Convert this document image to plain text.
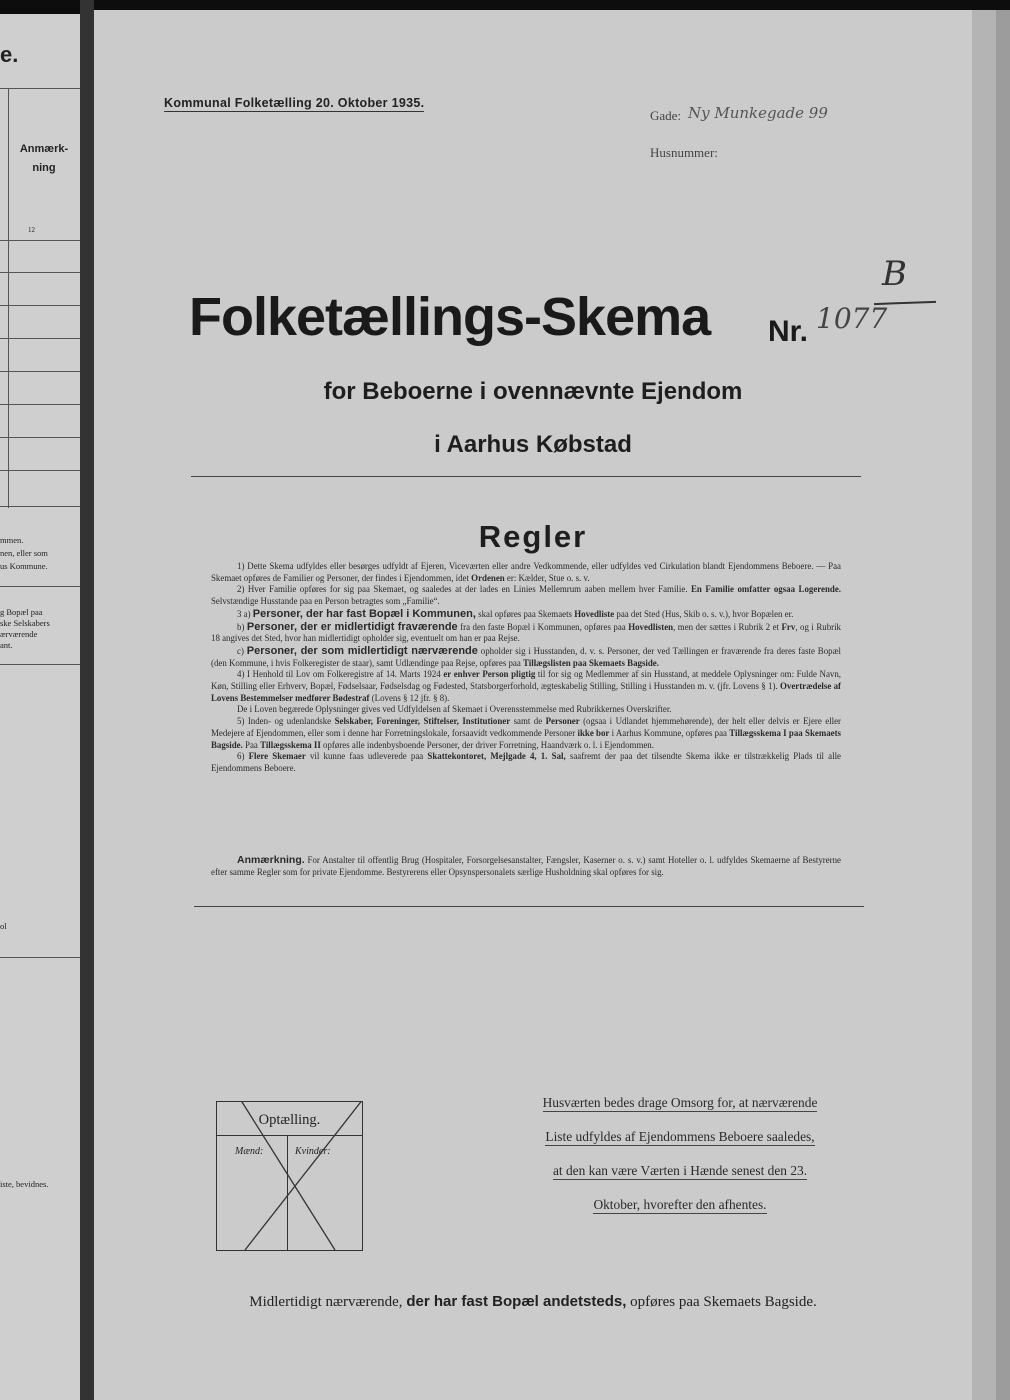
e.
Anmærk-
ning
12
mmen.
nen, eller som
us Kommune.
g Bopæl paa
ske Selskabers
ærværende
ant.
ol
iste, bevidnes.
Kommunal Folketælling 20. Oktober 1935.
Gade: Ny Munkegade 99
Husnummer:
B
Folketællings-Skema Nr. 1077
for Beboerne i ovennævnte Ejendom
i Aarhus Købstad
Regler

1) Dette Skema udfyldes eller besørges udfyldt af Ejeren, Viceværten eller andre Vedkommende, eller udfyldes ved Cirkulation blandt Ejendommens Beboere. — Paa Skemaet opføres de Familier og Personer, der findes i Ejendommen, idet Ordenen er: Kælder, Stue o. s. v.

2) Hver Familie opføres for sig paa Skemaet, og saaledes at der lades en Linies Mellemrum aaben mellem hver Familie. En Familie omfatter ogsaa Logerende. Selvstændige Husstande paa en Person betragtes som „Familie“.

3 a) Personer, der har fast Bopæl i Kommunen, skal opføres paa Skemaets Hovedliste paa det Sted (Hus, Skib o. s. v.), hvor Bopælen er.

b) Personer, der er midlertidigt fraværende fra den faste Bopæl i Kommunen, opføres paa Hovedlisten, men der sættes i Rubrik 2 et Frv, og i Rubrik 18 angives det Sted, hvor han midlertidigt opholder sig, eventuelt om han er paa Rejse.

c) Personer, der som midlertidigt nærværende opholder sig i Husstanden, d. v. s. Personer, der ved Tællingen er fraværende fra deres faste Bopæl (den Kommune, i hvis Folkeregister de staar), samt Udlændinge paa Rejse, opføres paa Tillægslisten paa Skemaets Bagside.

4) I Henhold til Lov om Folkeregistre af 14. Marts 1924 er enhver Person pligtig til for sig og Medlemmer af sin Husstand, at meddele Oplysninger om: Fulde Navn, Køn, Stilling eller Erhverv, Bopæl, Fødselsaar, Fødselsdag og Fødested, Statsborgerforhold, ægteskabelig Stilling, Stilling i Husstanden m. v. (jfr. Lovens § 1). Overtrædelse af Lovens Bestemmelser medfører Bødestraf (Lovens § 12 jfr. § 8).

De i Loven begærede Oplysninger gives ved Udfyldelsen af Skemaet i Overensstemmelse med Rubrikkernes Overskrifter.

5) Inden- og udenlandske Selskaber, Foreninger, Stiftelser, Institutioner samt de Personer (ogsaa i Udlandet hjemmehørende), der helt eller delvis er Ejere eller Medejere af Ejendommen, eller som i denne har Forretningslokale, forsaavidt vedkommende Personer ikke bor i Aarhus Kommune, opføres paa Tillægsskema I paa Skemaets Bagside. Paa Tillægsskema II opføres alle indenbysboende Personer, der driver Forretning, Haandværk o. l. i Ejendommen.

6) Flere Skemaer vil kunne faas udleverede paa Skattekontoret, Mejlgade 4, 1. Sal, saafremt der paa det tilsendte Skema ikke er tilstrækkelig Plads til alle Ejendommens Beboere.

Anmærkning. For Anstalter til offentlig Brug (Hospitaler, Forsorgelsesanstalter, Fængsler, Kaserner o. s. v.) samt Hoteller o. l. udfyldes Skemaerne af Bestyrerne efter samme Regler som for private Ejendomme. Bestyrerens eller Opsynspersonalets særlige Husholdning skal opføres for sig.

Optælling.
Mænd:	Kvinder:
Husværten bedes drage Omsorg for, at nærværende
Liste udfyldes af Ejendommens Beboere saaledes,
at den kan være Værten i Hænde senest den 23.
Oktober, hvorefter den afhentes.
Midlertidigt nærværende, der har fast Bopæl andetsteds, opføres paa Skemaets Bagside.
